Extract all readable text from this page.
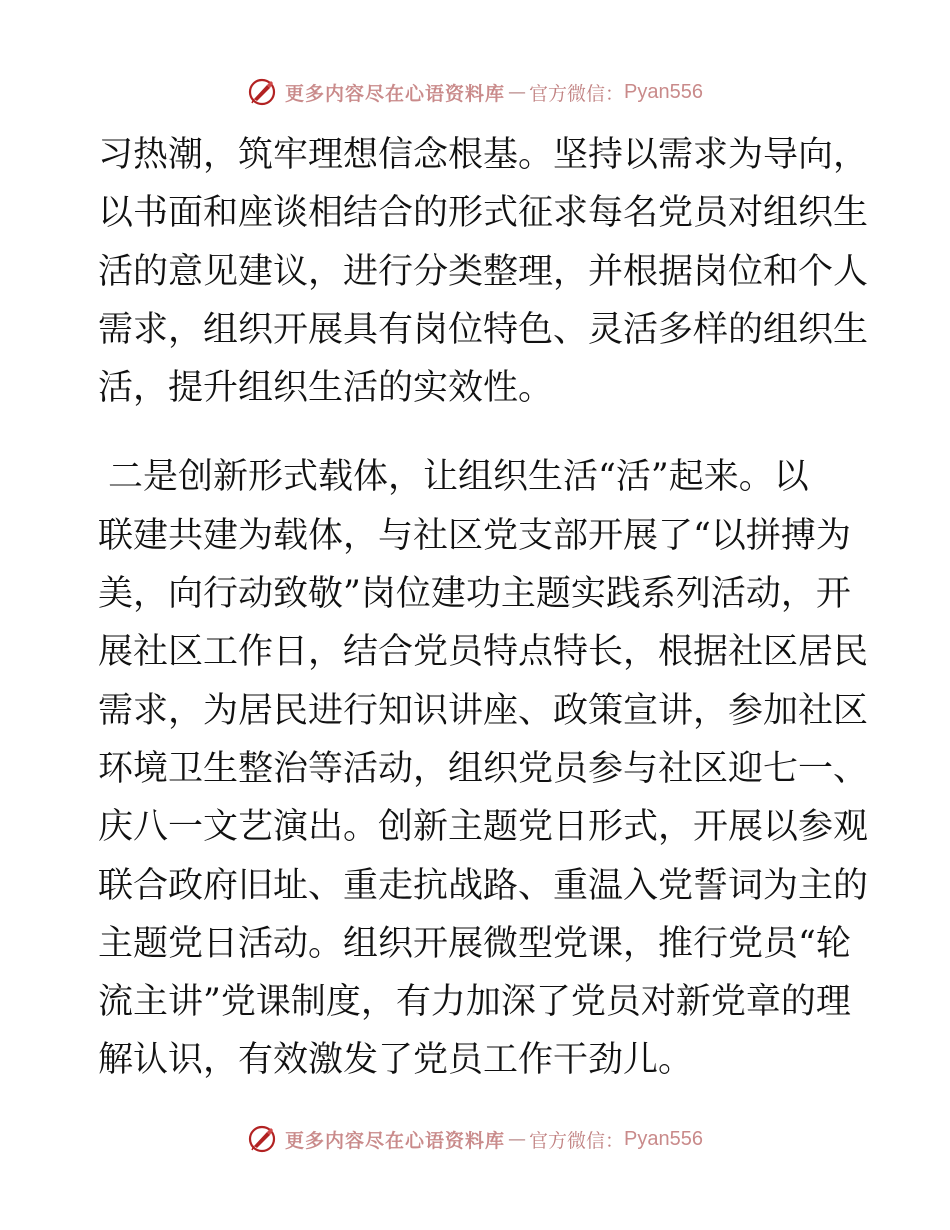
更多内容尽在心语资料库 — 官方微信： Pyan556
习热潮，筑牢理想信念根基。坚持以需求为导向，
以书面和座谈相结合的形式征求每名党员对组织生
活的意见建议，进行分类整理，并根据岗位和个人
需求，组织开展具有岗位特色、灵活多样的组织生
活，提升组织生活的实效性。
二是创新形式载体，让组织生活“活”起来。以
联建共建为载体，与社区党支部开展了“以拼搏为
美，向行动致敬”岗位建功主题实践系列活动，开
展社区工作日，结合党员特点特长，根据社区居民
需求，为居民进行知识讲座、政策宣讲，参加社区
环境卫生整治等活动，组织党员参与社区迎七一、
庆八一文艺演出。创新主题党日形式，开展以参观
联合政府旧址、重走抗战路、重温入党誓词为主的
主题党日活动。组织开展微型党课，推行党员“轮
流主讲”党课制度，有力加深了党员对新党章的理
解认识，有效激发了党员工作干劲儿。
更多内容尽在心语资料库 — 官方微信： Pyan556
